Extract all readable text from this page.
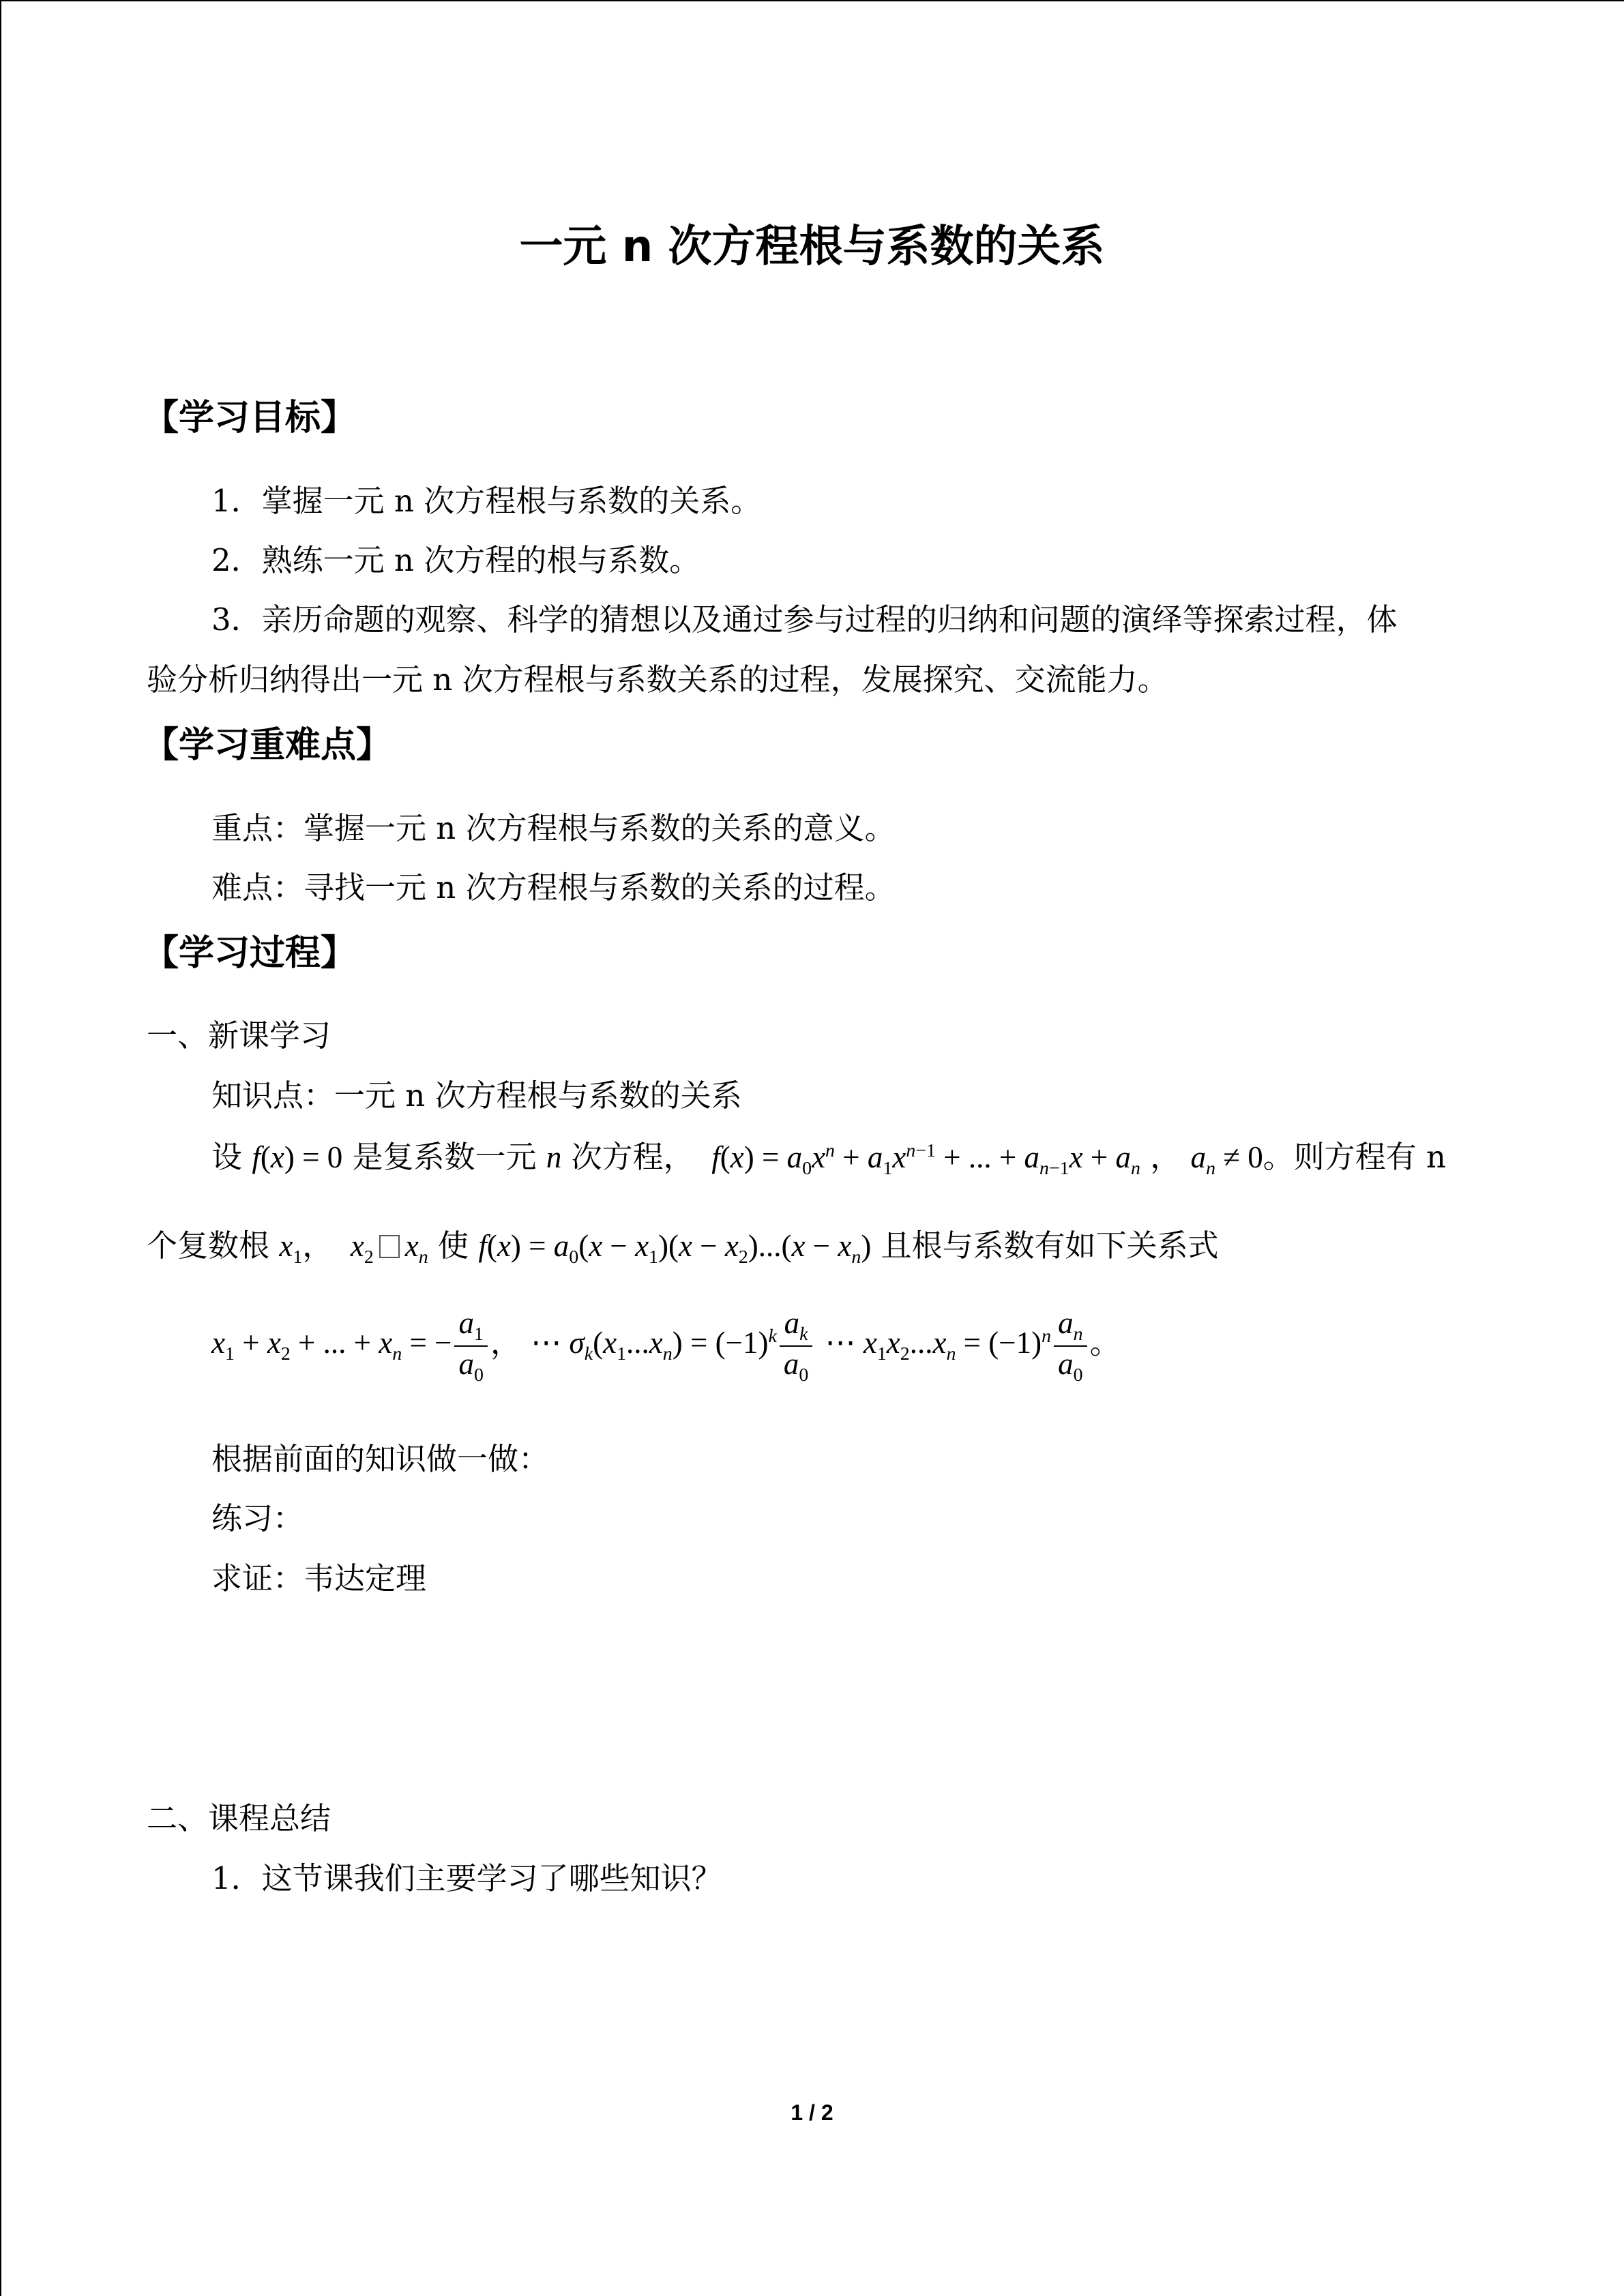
一元 n 次方程根与系数的关系
【学习目标】
1．掌握一元 n 次方程根与系数的关系。
2．熟练一元 n 次方程的根与系数。
3．亲历命题的观察、科学的猜想以及通过参与过程的归纳和问题的演绎等探索过程，体
验分析归纳得出一元 n 次方程根与系数关系的过程，发展探究、交流能力。
【学习重难点】
重点：掌握一元 n 次方程根与系数的关系的意义。
难点：寻找一元 n 次方程根与系数的关系的过程。
【学习过程】
一、新课学习
知识点：一元 n 次方程根与系数的关系
设 f(x) = 0 是复系数一元 n 次方程，  $f(x) = a_0x^n + a_1x^{n-1}$ + ... + $a_{n-1}x + a_n$ ， $a_n \ne 0$。则方程有 n
个复数根 $x_1$，  $x_2$ $x_n$ 使 $f(x) = a_0(x - x_1)(x - x_2)...(x - x_n)$ 且根与系数有如下关系式
$x_1 + x_2$ + ... + $x_n$ = − $\frac{a_1}{a_0}$ ， ⋯ $\sigma_k(x_1...x_n) = (-1)^k \frac{a_k}{a_0}$ ⋯ $x_1x_2...x_n = (-1)^n \frac{a_n}{a_0}$ 。
根据前面的知识做一做：
练习：
求证：韦达定理
二、课程总结
1．这节课我们主要学习了哪些知识？
1 / 2
